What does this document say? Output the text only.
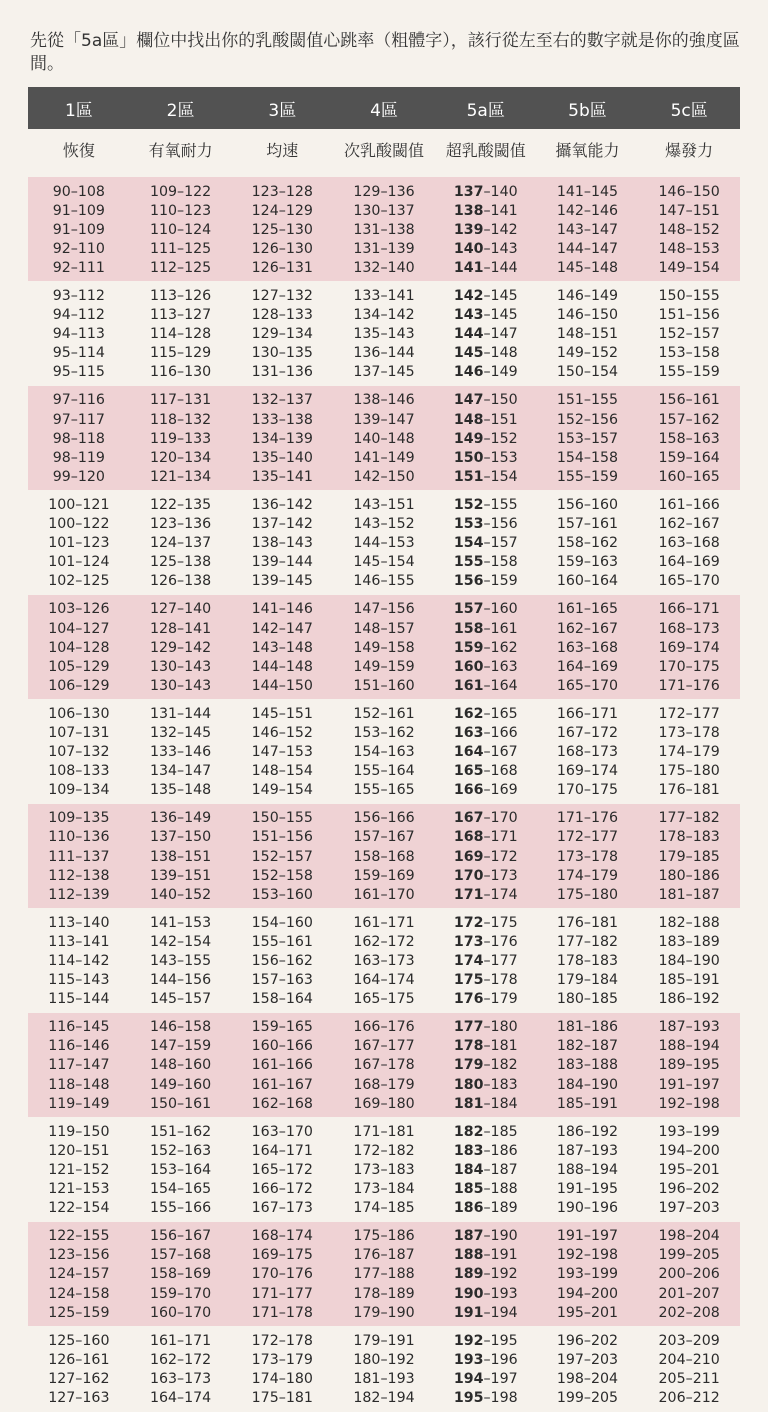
先從「5a區」欄位中找出你的乳酸閾值心跳率（粗體字），該行從左至右的數字就是你的強度區間。
1區	2區	3區	4區	5a區	5b區	5c區
恢復	有氧耐力	均速	次乳酸閾值	超乳酸閾值	攝氧能力	爆發力
90–108	109–122	123–128	129–136	137–140	141–145	146–150
91–109	110–123	124–129	130–137	138–141	142–146	147–151
91–109	110–124	125–130	131–138	139–142	143–147	148–152
92–110	111–125	126–130	131–139	140–143	144–147	148–153
92–111	112–125	126–131	132–140	141–144	145–148	149–154
93–112	113–126	127–132	133–141	142–145	146–149	150–155
94–112	113–127	128–133	134–142	143–145	146–150	151–156
94–113	114–128	129–134	135–143	144–147	148–151	152–157
95–114	115–129	130–135	136–144	145–148	149–152	153–158
95–115	116–130	131–136	137–145	146–149	150–154	155–159
97–116	117–131	132–137	138–146	147–150	151–155	156–161
97–117	118–132	133–138	139–147	148–151	152–156	157–162
98–118	119–133	134–139	140–148	149–152	153–157	158–163
98–119	120–134	135–140	141–149	150–153	154–158	159–164
99–120	121–134	135–141	142–150	151–154	155–159	160–165
100–121	122–135	136–142	143–151	152–155	156–160	161–166
100–122	123–136	137–142	143–152	153–156	157–161	162–167
101–123	124–137	138–143	144–153	154–157	158–162	163–168
101–124	125–138	139–144	145–154	155–158	159–163	164–169
102–125	126–138	139–145	146–155	156–159	160–164	165–170
103–126	127–140	141–146	147–156	157–160	161–165	166–171
104–127	128–141	142–147	148–157	158–161	162–167	168–173
104–128	129–142	143–148	149–158	159–162	163–168	169–174
105–129	130–143	144–148	149–159	160–163	164–169	170–175
106–129	130–143	144–150	151–160	161–164	165–170	171–176
106–130	131–144	145–151	152–161	162–165	166–171	172–177
107–131	132–145	146–152	153–162	163–166	167–172	173–178
107–132	133–146	147–153	154–163	164–167	168–173	174–179
108–133	134–147	148–154	155–164	165–168	169–174	175–180
109–134	135–148	149–154	155–165	166–169	170–175	176–181
109–135	136–149	150–155	156–166	167–170	171–176	177–182
110–136	137–150	151–156	157–167	168–171	172–177	178–183
111–137	138–151	152–157	158–168	169–172	173–178	179–185
112–138	139–151	152–158	159–169	170–173	174–179	180–186
112–139	140–152	153–160	161–170	171–174	175–180	181–187
113–140	141–153	154–160	161–171	172–175	176–181	182–188
113–141	142–154	155–161	162–172	173–176	177–182	183–189
114–142	143–155	156–162	163–173	174–177	178–183	184–190
115–143	144–156	157–163	164–174	175–178	179–184	185–191
115–144	145–157	158–164	165–175	176–179	180–185	186–192
116–145	146–158	159–165	166–176	177–180	181–186	187–193
116–146	147–159	160–166	167–177	178–181	182–187	188–194
117–147	148–160	161–166	167–178	179–182	183–188	189–195
118–148	149–160	161–167	168–179	180–183	184–190	191–197
119–149	150–161	162–168	169–180	181–184	185–191	192–198
119–150	151–162	163–170	171–181	182–185	186–192	193–199
120–151	152–163	164–171	172–182	183–186	187–193	194–200
121–152	153–164	165–172	173–183	184–187	188–194	195–201
121–153	154–165	166–172	173–184	185–188	191–195	196–202
122–154	155–166	167–173	174–185	186–189	190–196	197–203
122–155	156–167	168–174	175–186	187–190	191–197	198–204
123–156	157–168	169–175	176–187	188–191	192–198	199–205
124–157	158–169	170–176	177–188	189–192	193–199	200–206
124–158	159–170	171–177	178–189	190–193	194–200	201–207
125–159	160–170	171–178	179–190	191–194	195–201	202–208
125–160	161–171	172–178	179–191	192–195	196–202	203–209
126–161	162–172	173–179	180–192	193–196	197–203	204–210
127–162	163–173	174–180	181–193	194–197	198–204	205–211
127–163	164–174	175–181	182–194	195–198	199–205	206–212
